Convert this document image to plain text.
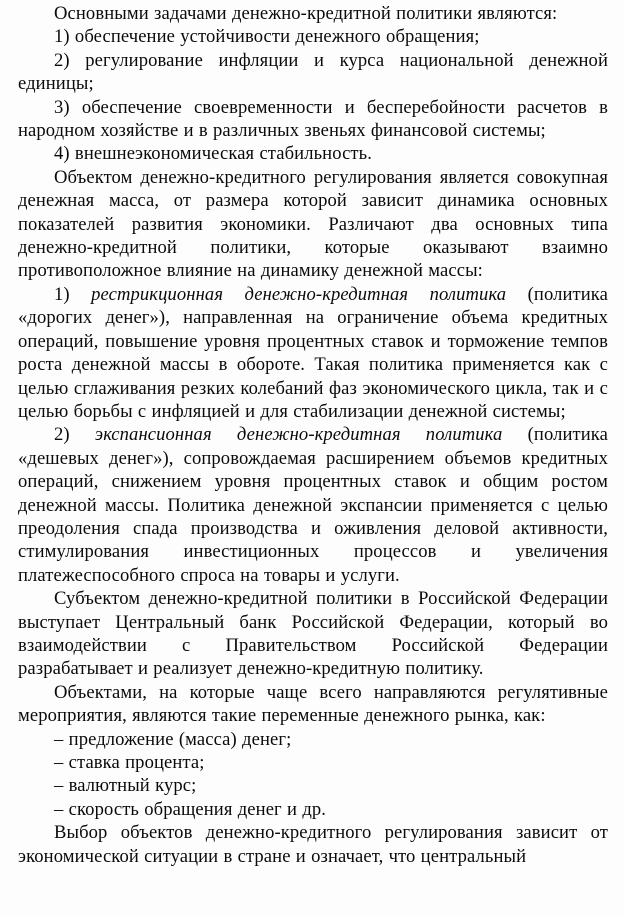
Основными задачами денежно-кредитной политики являются:

1) обеспечение устойчивости денежного обращения;

2) регулирование инфляции и курса национальной денежной единицы;

3) обеспечение своевременности и бесперебойности расчетов в народном хозяйстве и в различных звеньях финансовой системы;

4) внешнеэкономическая стабильность.

Объектом денежно-кредитного регулирования является совокупная денежная масса, от размера которой зависит динамика основных показателей развития экономики. Различают два основных типа денежно-кредитной политики, которые оказывают взаимно противоположное влияние на динамику денежной массы:

1) рестрикционная денежно-кредитная политика (политика «дорогих денег»), направленная на ограничение объема кредитных операций, повышение уровня процентных ставок и торможение темпов роста денежной массы в обороте. Такая политика применяется как с целью сглаживания резких колебаний фаз экономического цикла, так и с целью борьбы с инфляцией и для стабилизации денежной системы;

2) экспансионная денежно-кредитная политика (политика «дешевых денег»), сопровождаемая расширением объемов кредитных операций, снижением уровня процентных ставок и общим ростом денежной массы. Политика денежной экспансии применяется с целью преодоления спада производства и оживления деловой активности, стимулирования инвестиционных процессов и увеличения платежеспособного спроса на товары и услуги.

Субъектом денежно-кредитной политики в Российской Федерации выступает Центральный банк Российской Федерации, который во взаимодействии с Правительством Российской Федерации разрабатывает и реализует денежно-кредитную политику.

Объектами, на которые чаще всего направляются регулятивные мероприятия, являются такие переменные денежного рынка, как:

– предложение (масса) денег;

– ставка процента;

– валютный курс;

– скорость обращения денег и др.

Выбор объектов денежно-кредитного регулирования зависит от экономической ситуации в стране и означает, что центральный
